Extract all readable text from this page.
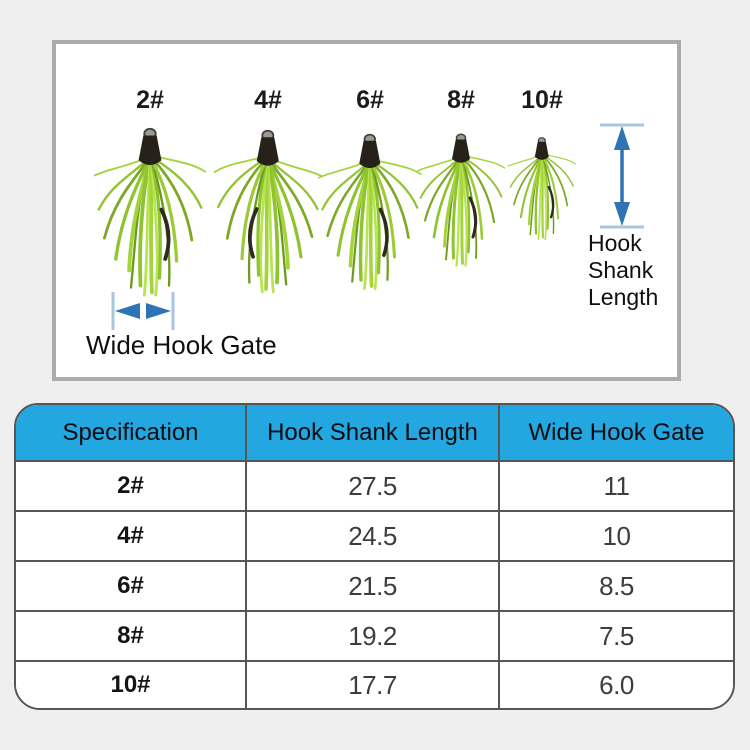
2#	4#	6#	8#	10#
Hook Shank Length
Wide Hook Gate
Specification	Hook Shank Length	Wide Hook Gate
2#	27.5	11
4#	24.5	10
6#	21.5	8.5
8#	19.2	7.5
10#	17.7	6.0
